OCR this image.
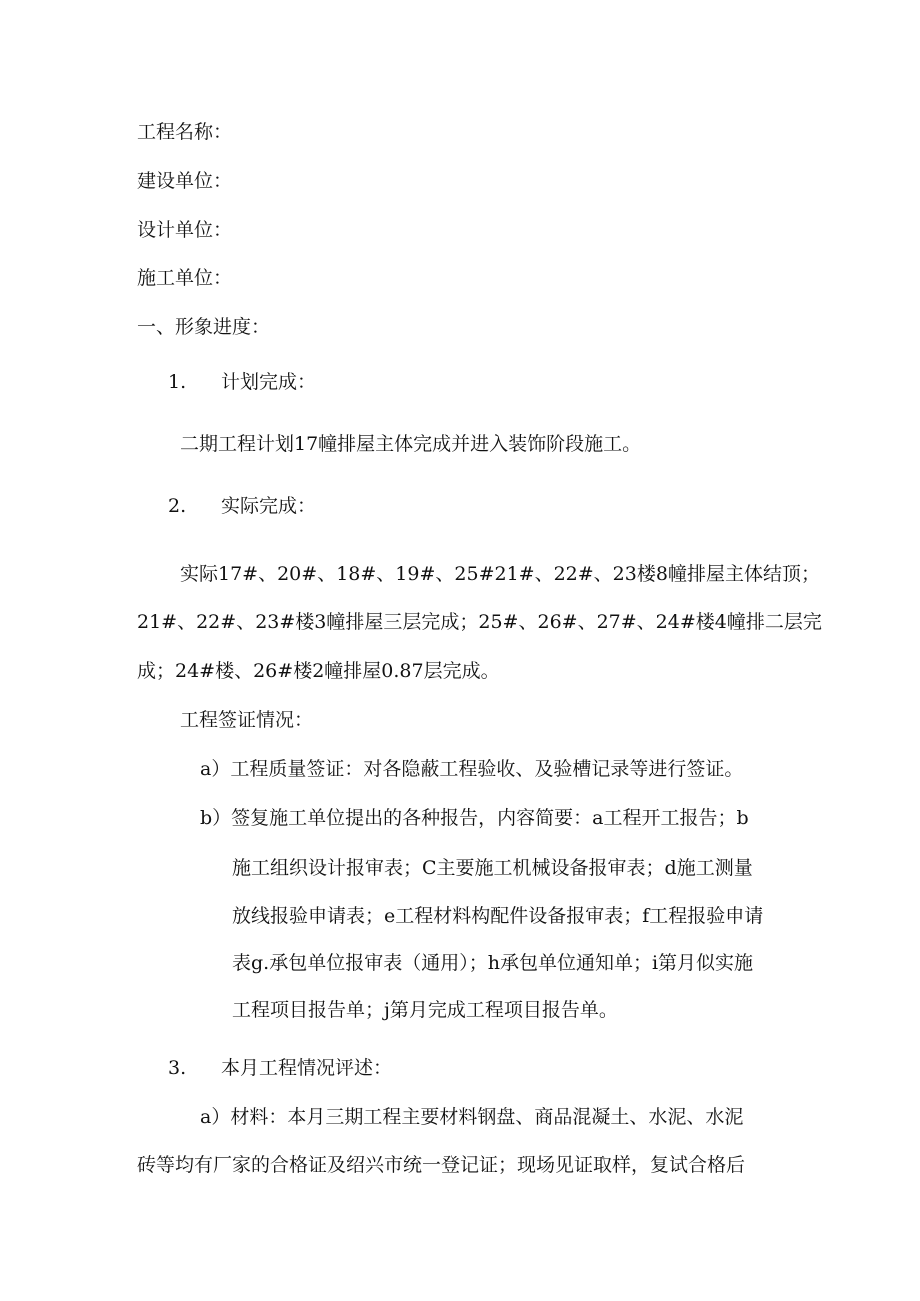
工程名称：
建设单位：
设计单位：
施工单位：
一、形象进度：
1. 计划完成：
二期工程计划17幢排屋主体完成并进入装饰阶段施工。
2. 实际完成：
实际17#、20#、18#、19#、25#21#、22#、23楼8幢排屋主体结顶；
21#、22#、23#楼3幢排屋三层完成；25#、26#、27#、24#楼4幢排二层完
成；24#楼、26#楼2幢排屋0.87层完成。
工程签证情况：
a）工程质量签证：对各隐蔽工程验收、及验槽记录等进行签证。
b）签复施工单位提出的各种报告，内容简要：a工程开工报告；b
施工组织设计报审表；C主要施工机械设备报审表；d施工测量
放线报验申请表；e工程材料构配件设备报审表；f工程报验申请
表g.承包单位报审表（通用）；h承包单位通知单；i第月似实施
工程项目报告单；j第月完成工程项目报告单。
3. 本月工程情况评述：
a）材料：本月三期工程主要材料钢盘、商品混凝土、水泥、水泥
砖等均有厂家的合格证及绍兴市统一登记证；现场见证取样，复试合格后
